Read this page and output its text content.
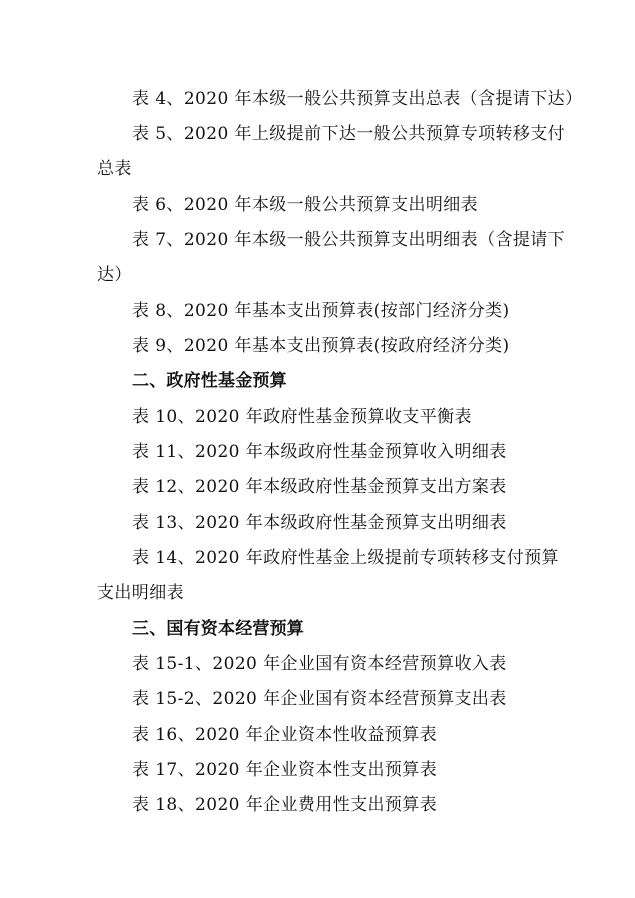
表 4、2020 年本级一般公共预算支出总表（含提请下达）
表 5、2020 年上级提前下达一般公共预算专项转移支付
总表
表 6、2020 年本级一般公共预算支出明细表
表 7、2020 年本级一般公共预算支出明细表（含提请下
达）
表 8、2020 年基本支出预算表(按部门经济分类)
表 9、2020 年基本支出预算表(按政府经济分类)
二、政府性基金预算
表 10、2020 年政府性基金预算收支平衡表
表 11、2020 年本级政府性基金预算收入明细表
表 12、2020 年本级政府性基金预算支出方案表
表 13、2020 年本级政府性基金预算支出明细表
表 14、2020 年政府性基金上级提前专项转移支付预算
支出明细表
三、国有资本经营预算
表 15-1、2020 年企业国有资本经营预算收入表
表 15-2、2020 年企业国有资本经营预算支出表
表 16、2020 年企业资本性收益预算表
表 17、2020 年企业资本性支出预算表
表 18、2020 年企业费用性支出预算表
